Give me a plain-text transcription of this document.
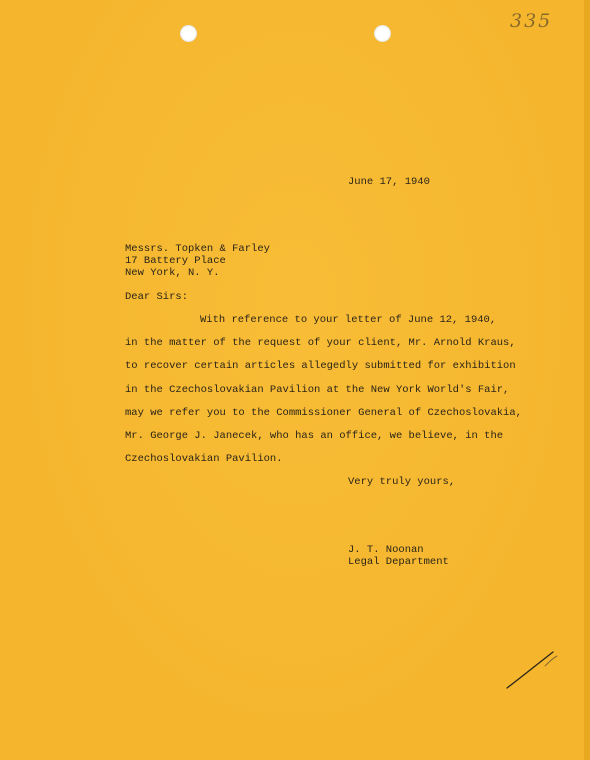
335
June 17, 1940
Messrs. Topken & Farley
17 Battery Place
New York, N. Y.
Dear Sirs:
With reference to your letter of June 12, 1940,
in the matter of the request of your client, Mr. Arnold Kraus,
to recover certain articles allegedly submitted for exhibition
in the Czechoslovakian Pavilion at the New York World's Fair,
may we refer you to the Commissioner General of Czechoslovakia,
Mr. George J. Janecek, who has an office, we believe, in the
Czechoslovakian Pavilion.
Very truly yours,
J. T. Noonan
Legal Department
